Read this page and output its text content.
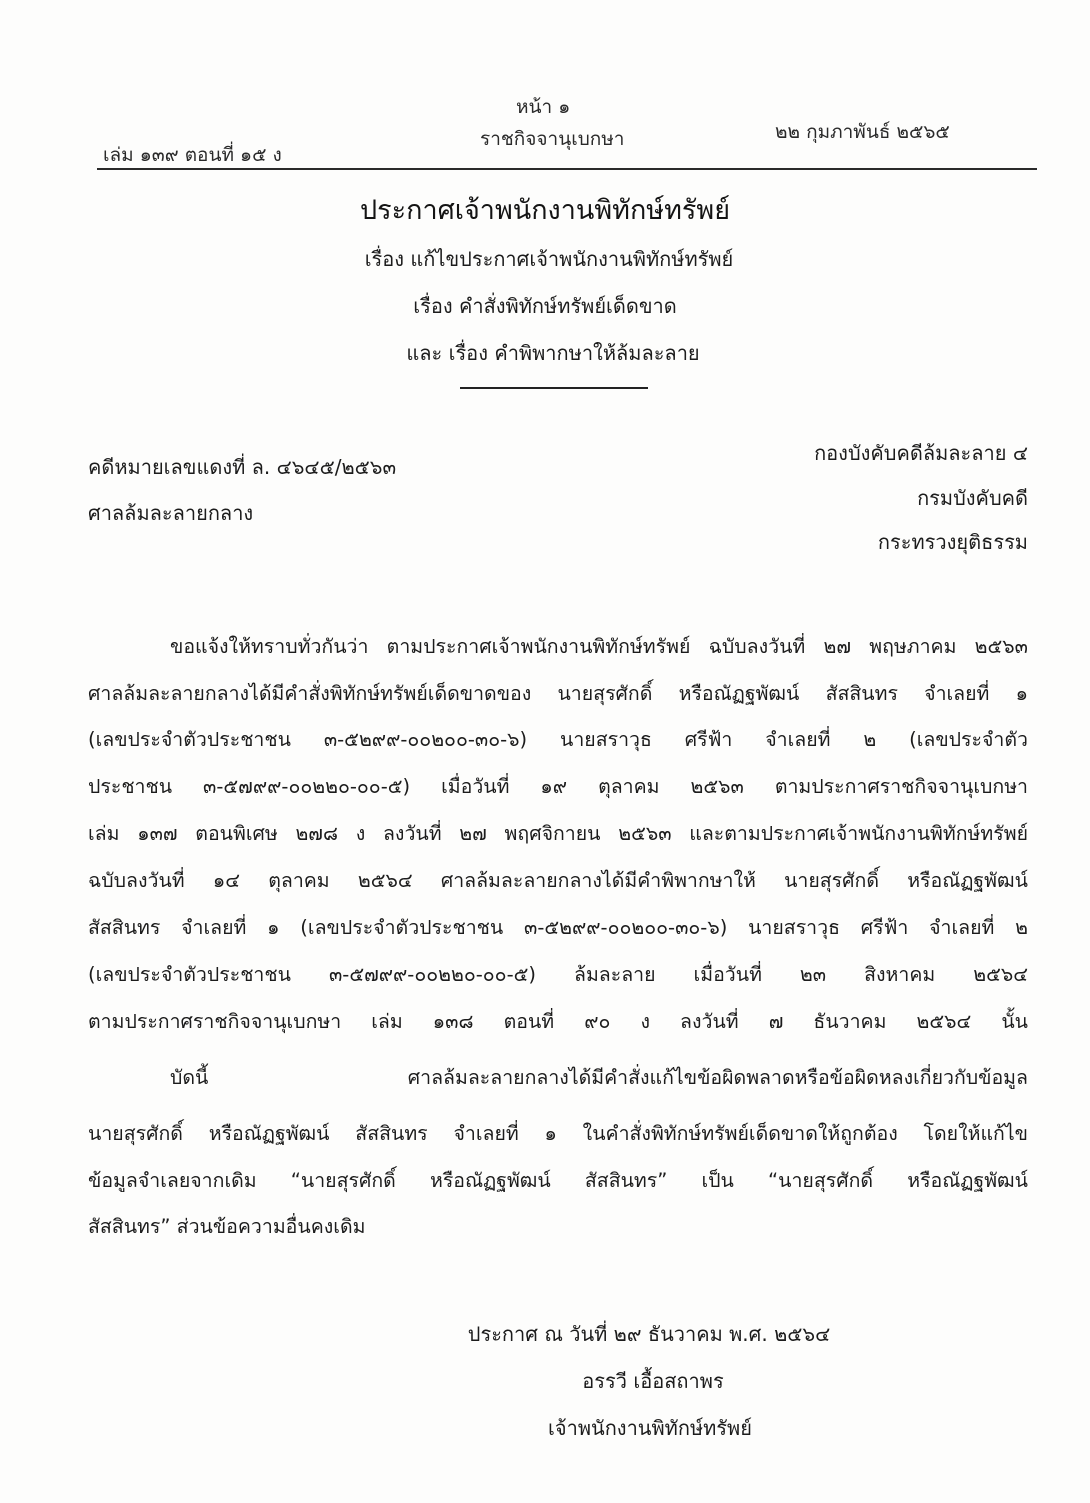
หน้า ๑
เล่ม ๑๓๙ ตอนที่ ๑๕ ง
ราชกิจจานุเบกษา	๒๒ กุมภาพันธ์ ๒๕๖๕
ประกาศเจ้าพนักงานพิทักษ์ทรัพย์
เรื่อง แก้ไขประกาศเจ้าพนักงานพิทักษ์ทรัพย์
เรื่อง คำสั่งพิทักษ์ทรัพย์เด็ดขาด
และ เรื่อง คำพิพากษาให้ล้มละลาย
คดีหมายเลขแดงที่ ล. ๔๖๔๕/๒๕๖๓
ศาลล้มละลายกลาง
กองบังคับคดีล้มละลาย ๔
กรมบังคับคดี
กระทรวงยุติธรรม
ขอแจ้งให้ทราบทั่วกันว่า ตามประกาศเจ้าพนักงานพิทักษ์ทรัพย์ ฉบับลงวันที่ ๒๗ พฤษภาคม ๒๕๖๓
ศาลล้มละลายกลางได้มีคำสั่งพิทักษ์ทรัพย์เด็ดขาดของ นายสุรศักดิ์ หรือณัฏฐพัฒน์ สัสสินทร จำเลยที่ ๑
(เลขประจำตัวประชาชน ๓-๕๒๙๙-๐๐๒๐๐-๓๐-๖) นายสราวุธ ศรีฟ้า จำเลยที่ ๒ (เลขประจำตัว
ประชาชน ๓-๕๗๙๙-๐๐๒๒๐-๐๐-๕) เมื่อวันที่ ๑๙ ตุลาคม ๒๕๖๓ ตามประกาศราชกิจจานุเบกษา
เล่ม ๑๓๗ ตอนพิเศษ ๒๗๘ ง ลงวันที่ ๒๗ พฤศจิกายน ๒๕๖๓ และตามประกาศเจ้าพนักงานพิทักษ์ทรัพย์
ฉบับลงวันที่ ๑๔ ตุลาคม ๒๕๖๔ ศาลล้มละลายกลางได้มีคำพิพากษาให้ นายสุรศักดิ์ หรือณัฏฐพัฒน์
สัสสินทร จำเลยที่ ๑ (เลขประจำตัวประชาชน ๓-๕๒๙๙-๐๐๒๐๐-๓๐-๖) นายสราวุธ ศรีฟ้า จำเลยที่ ๒
(เลขประจำตัวประชาชน ๓-๕๗๙๙-๐๐๒๒๐-๐๐-๕) ล้มละลาย เมื่อวันที่ ๒๓ สิงหาคม ๒๕๖๔
ตามประกาศราชกิจจานุเบกษา เล่ม ๑๓๘ ตอนที่ ๙๐ ง ลงวันที่ ๗ ธันวาคม ๒๕๖๔ นั้น
บัดนี้ ศาลล้มละลายกลางได้มีคำสั่งแก้ไขข้อผิดพลาดหรือข้อผิดหลงเกี่ยวกับข้อมูล
นายสุรศักดิ์ หรือณัฏฐพัฒน์ สัสสินทร จำเลยที่ ๑ ในคำสั่งพิทักษ์ทรัพย์เด็ดขาดให้ถูกต้อง โดยให้แก้ไข
ข้อมูลจำเลยจากเดิม “นายสุรศักดิ์ หรือณัฏฐพัฒน์ สัสสินทร” เป็น “นายสุรศักดิ์ หรือณัฏฐพัฒน์
สัสสินทร” ส่วนข้อความอื่นคงเดิม
ประกาศ ณ วันที่ ๒๙ ธันวาคม พ.ศ. ๒๕๖๔
อรรวี เอื้อสถาพร
เจ้าพนักงานพิทักษ์ทรัพย์
